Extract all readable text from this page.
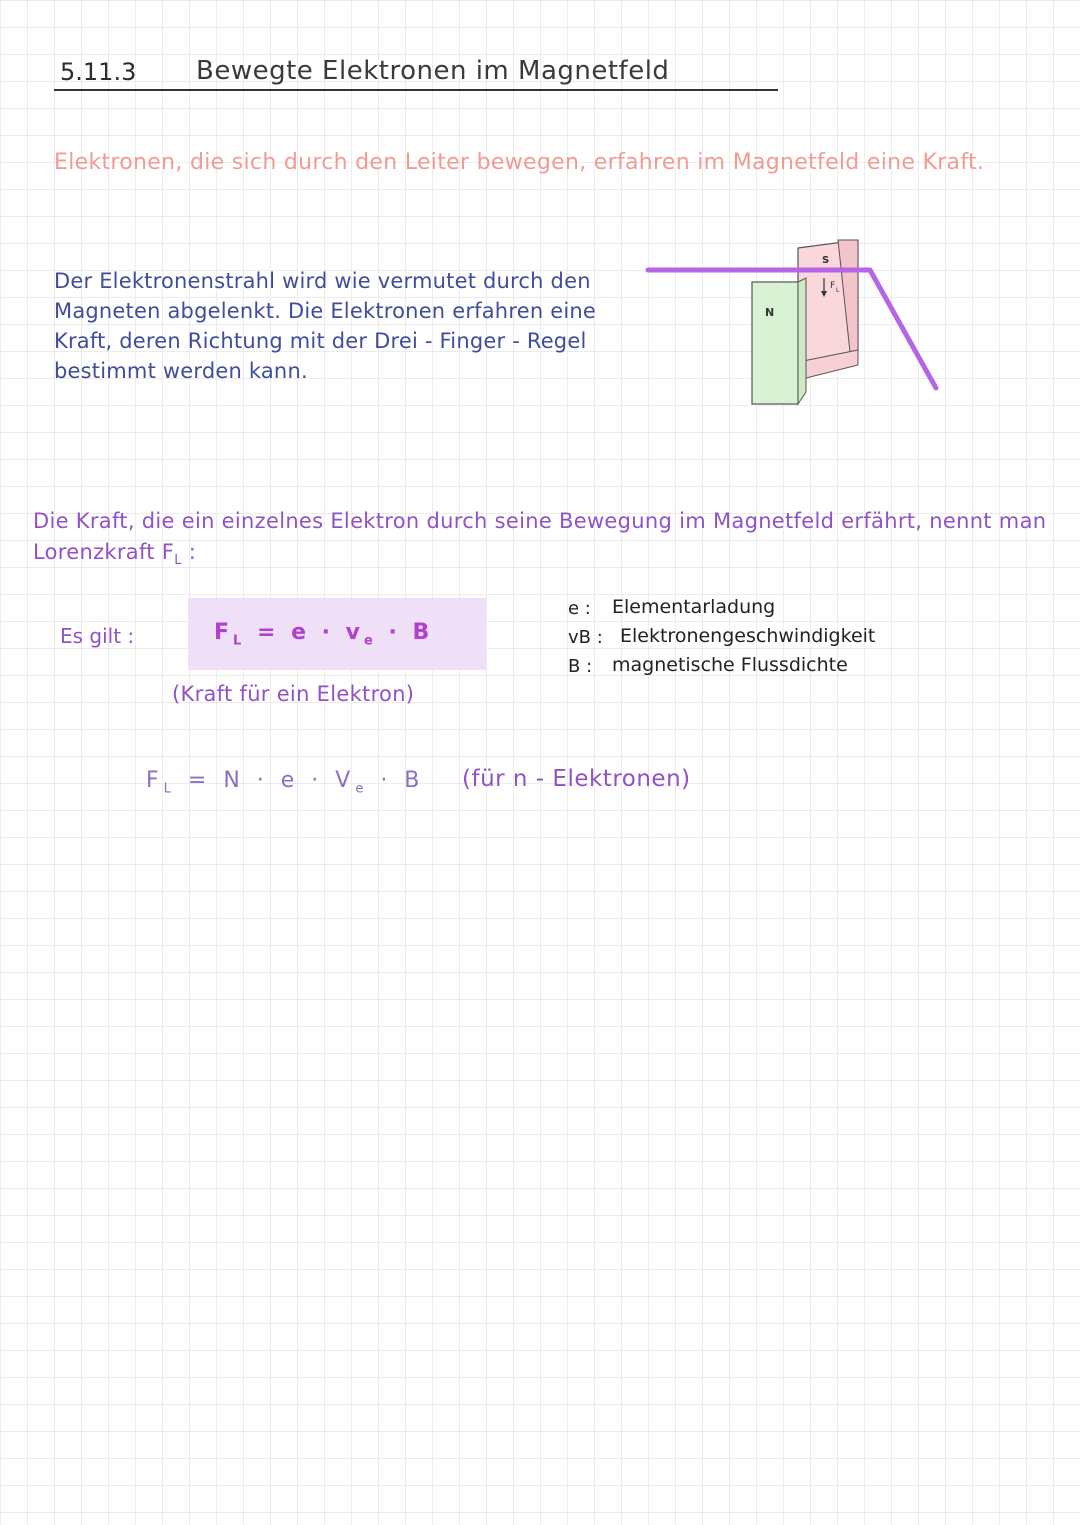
5.11.3 Bewegte Elektronen im Magnetfeld
Elektronen, die sich durch den Leiter bewegen, erfahren im Magnetfeld eine Kraft.
Der Elektronenstrahl wird wie vermutet durch den Magneten abgelenkt. Die Elektronen erfahren eine Kraft, deren Richtung mit der Drei - Finger - Regel bestimmt werden kann.
N
S
F L
Die Kraft, die ein einzelnes Elektron durch seine Bewegung im Magnetfeld erfährt, nennt man Lorenzkraft $F_L$ :
Es gilt :	$F_L = e \cdot v_e \cdot B$
(Kraft für ein Elektron)
e :	Elementarladung
vB : Elektronengeschwindigkeit
B :	magnetische Flussdichte
$F_L = N \cdot e \cdot V_e \cdot B$ (für n - Elektronen)
